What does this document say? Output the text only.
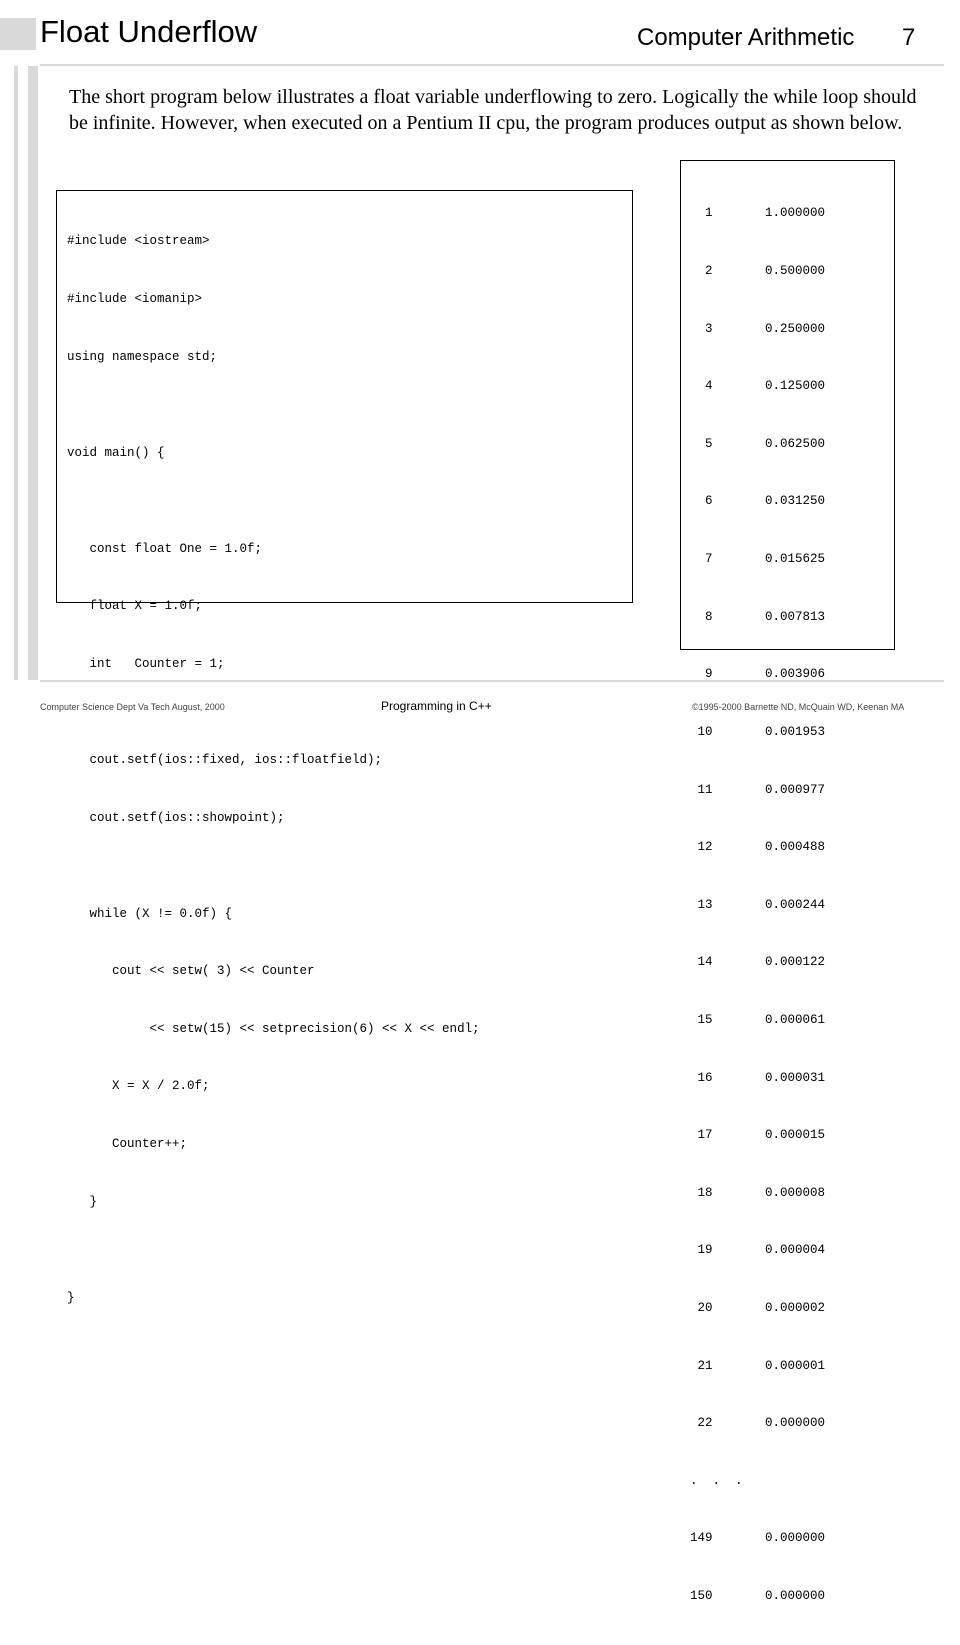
Float Underflow	Computer Arithmetic 7
The short program below illustrates a float variable underflowing to zero. Logically the while loop should be infinite. However, when executed on a Pentium II cpu, the program produces output as shown below.

#include <iostream>

#include <iomanip>

using namespace std;

void main() {

const float One = 1.0f;

float X = 1.0f;

int   Counter = 1;

cout.setf(ios::fixed, ios::floatfield);

cout.setf(ios::showpoint);

while (X != 0.0f) {

cout << setw( 3) << Counter

<< setw(15) << setprecision(6) << X << endl;

X = X / 2.0f;

Counter++;

}

}

1       1.000000

2       0.500000

3       0.250000

4       0.125000

5       0.062500

6       0.031250

7       0.015625

8       0.007813

9       0.003906

10       0.001953

11       0.000977

12       0.000488

13       0.000244

14       0.000122

15       0.000061

16       0.000031

17       0.000015

18       0.000008

19       0.000004

20       0.000002

21       0.000001

22       0.000000

.  .  .

149       0.000000

150       0.000000

Computer Science Dept Va Tech August, 2000	Programming in C++	©1995-2000 Barnette ND, McQuain WD, Keenan MA
